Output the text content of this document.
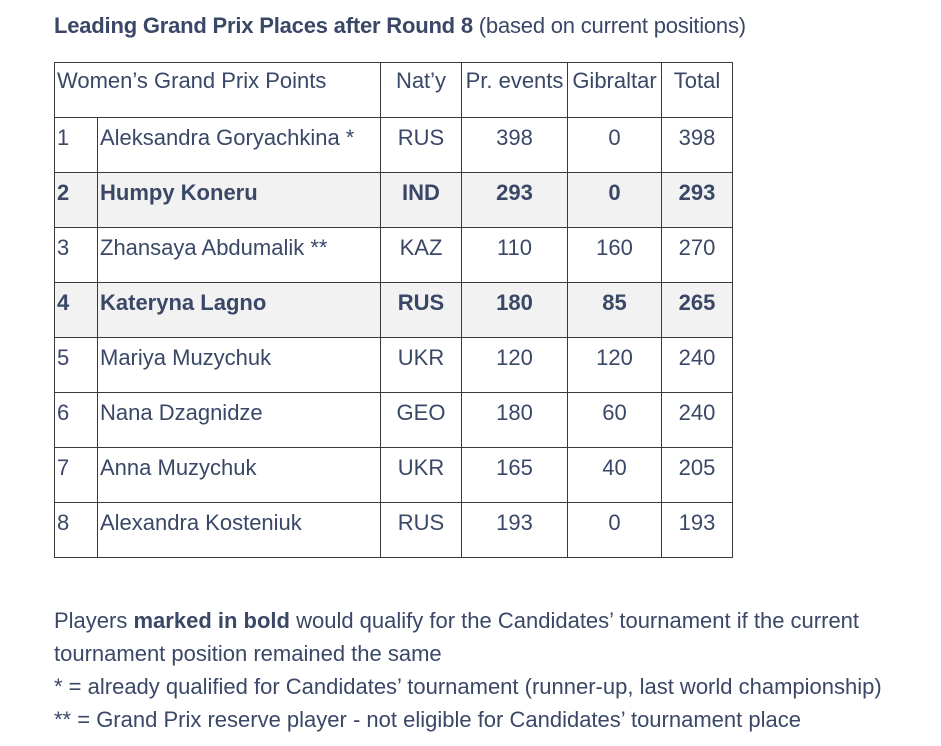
Leading Grand Prix Places after Round 8 (based on current positions)
Women’s Grand Prix Points		Nat’y	Pr. events	Gibraltar	Total
1	Aleksandra Goryachkina *	RUS	398	0	398
2	Humpy Koneru	IND	293	0	293
3	Zhansaya Abdumalik **	KAZ	110	160	270
4	Kateryna Lagno	RUS	180	85	265
5	Mariya Muzychuk	UKR	120	120	240
6	Nana Dzagnidze	GEO	180	60	240
7	Anna Muzychuk	UKR	165	40	205
8	Alexandra Kosteniuk	RUS	193	0	193

Players marked in bold would qualify for the Candidates’ tournament if the current

tournament position remained the same

* = already qualified for Candidates’ tournament (runner-up, last world championship)

** = Grand Prix reserve player - not eligible for Candidates’ tournament place
